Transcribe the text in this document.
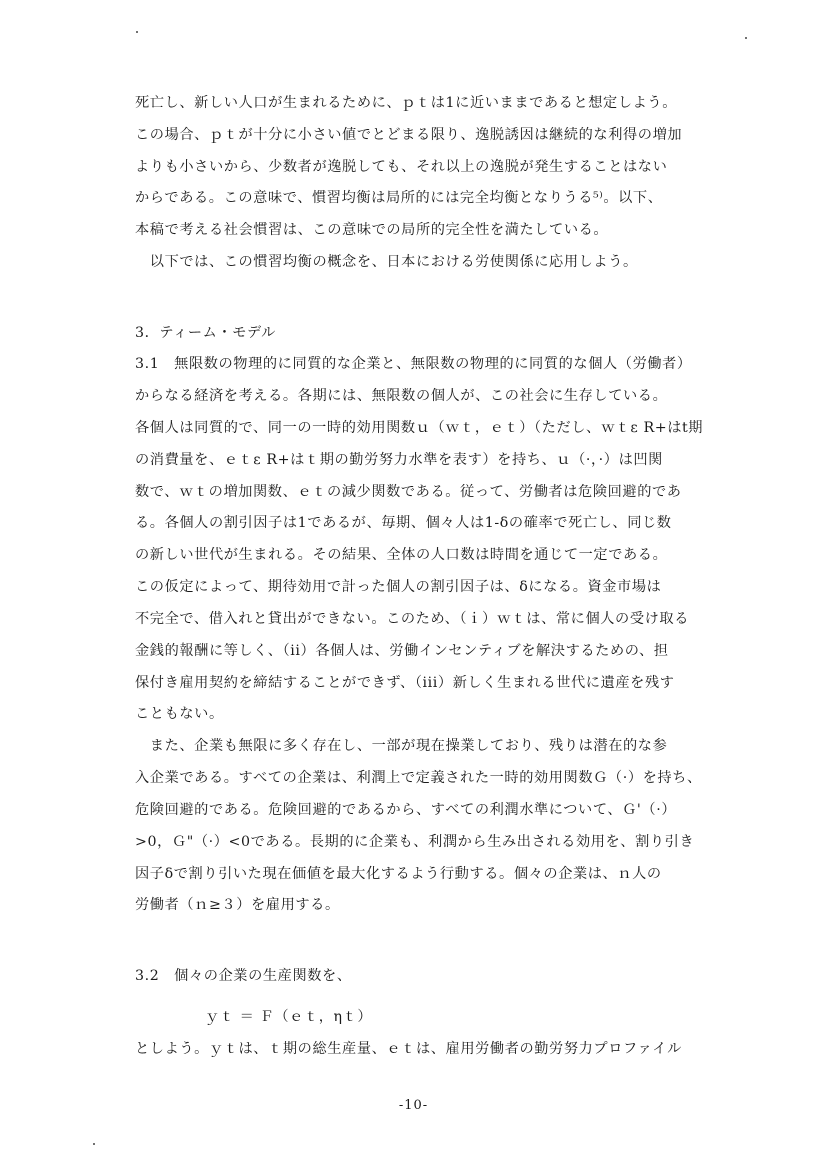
死亡し、新しい人口が生まれるために、ｐｔは1に近いままであると想定しよう。
この場合、ｐｔが十分に小さい値でとどまる限り、逸脱誘因は継続的な利得の増加
よりも小さいから、少数者が逸脱しても、それ以上の逸脱が発生することはない
からである。この意味で、慣習均衡は局所的には完全均衡となりうる⁵⁾。以下、
本稿で考える社会慣習は、この意味での局所的完全性を満たしている。
　以下では、この慣習均衡の概念を、日本における労使関係に応用しよう。
3．ティーム・モデル
3.1　無限数の物理的に同質的な企業と、無限数の物理的に同質的な個人（労働者）
からなる経済を考える。各期には、無限数の個人が、この社会に生存している。
各個人は同質的で、同一の一時的効用関数ｕ（ｗｔ，ｅｔ）（ただし、ｗｔε R+はt期
の消費量を、ｅｔε R+はｔ期の勤労努力水準を表す）を持ち、ｕ（·，·）は凹関
数で、ｗｔの増加関数、ｅｔの減少関数である。従って、労働者は危険回避的であ
る。各個人の割引因子は1であるが、毎期、個々人は1-δの確率で死亡し、同じ数
の新しい世代が生まれる。その結果、全体の人口数は時間を通じて一定である。
この仮定によって、期待効用で計った個人の割引因子は、δになる。資金市場は
不完全で、借入れと貸出ができない。このため、（ｉ）ｗｔは、常に個人の受け取る
金銭的報酬に等しく、（ii）各個人は、労働インセンティブを解決するための、担
保付き雇用契約を締結することができず、（iii）新しく生まれる世代に遺産を残す
こともない。
　また、企業も無限に多く存在し、一部が現在操業しており、残りは潜在的な参
入企業である。すべての企業は、利潤上で定義された一時的効用関数Ｇ（·）を持ち、
危険回避的である。危険回避的であるから、すべての利潤水準について、Ｇ'（·）
>0，Ｇ"（·）<0である。長期的に企業も、利潤から生み出される効用を、割り引き
因子δで割り引いた現在価値を最大化するよう行動する。個々の企業は、ｎ人の
労働者（ｎ≥３）を雇用する。
3.2　個々の企業の生産関数を、
ｙｔ ＝ Ｆ（ｅｔ，ηｔ）
としよう。ｙｔは、ｔ期の総生産量、ｅｔは、雇用労働者の勤労努力プロファイル
-10-
